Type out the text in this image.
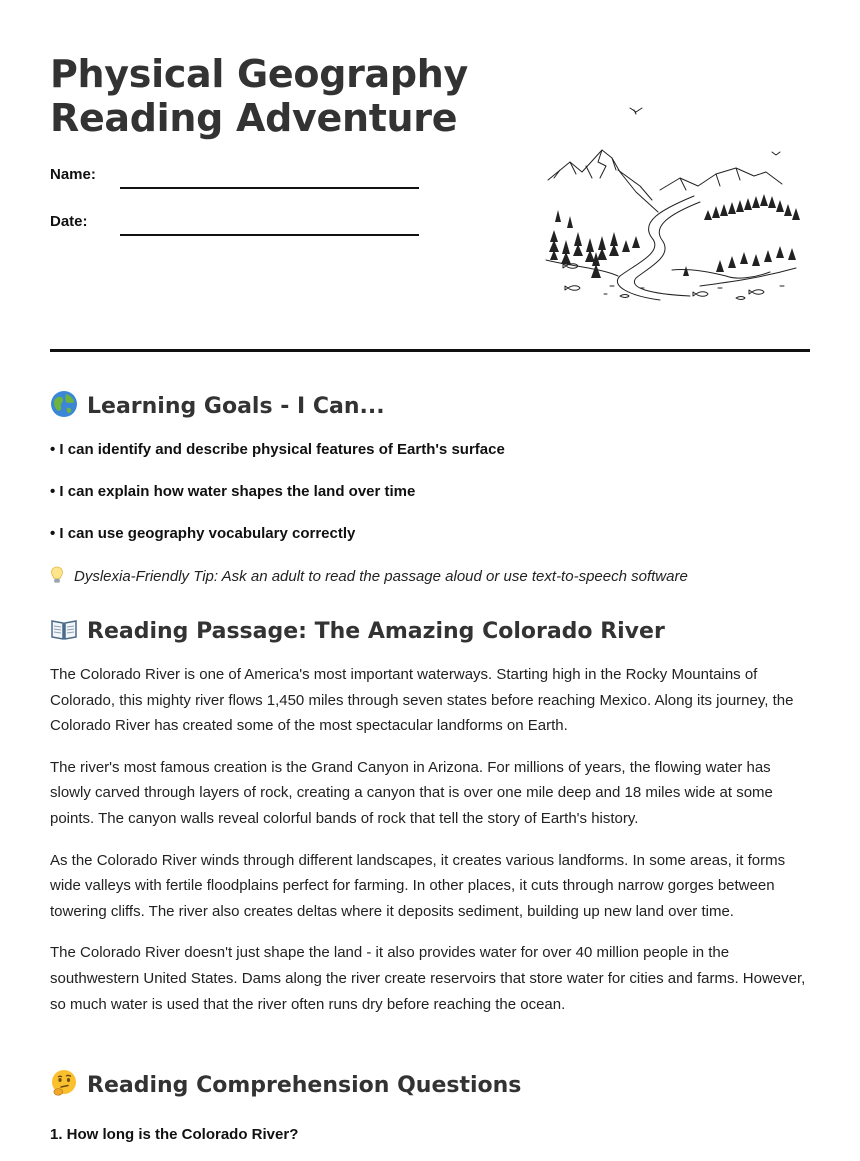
Physical Geography
Reading Adventure
Name:
Date:
Learning Goals - I Can...
• I can identify and describe physical features of Earth's surface
• I can explain how water shapes the land over time
• I can use geography vocabulary correctly
Dyslexia-Friendly Tip: Ask an adult to read the passage aloud or use text-to-speech software
Reading Passage: The Amazing Colorado River

The Colorado River is one of America's most important waterways. Starting high in the Rocky Mountains of Colorado, this mighty river flows 1,450 miles through seven states before reaching Mexico. Along its journey, the Colorado River has created some of the most spectacular landforms on Earth.

The river's most famous creation is the Grand Canyon in Arizona. For millions of years, the flowing water has slowly carved through layers of rock, creating a canyon that is over one mile deep and 18 miles wide at some points. The canyon walls reveal colorful bands of rock that tell the story of Earth's history.

As the Colorado River winds through different landscapes, it creates various landforms. In some areas, it forms wide valleys with fertile floodplains perfect for farming. In other places, it cuts through narrow gorges between towering cliffs. The river also creates deltas where it deposits sediment, building up new land over time.

The Colorado River doesn't just shape the land - it also provides water for over 40 million people in the southwestern United States. Dams along the river create reservoirs that store water for cities and farms. However, so much water is used that the river often runs dry before reaching the ocean.

Reading Comprehension Questions
1. How long is the Colorado River?
